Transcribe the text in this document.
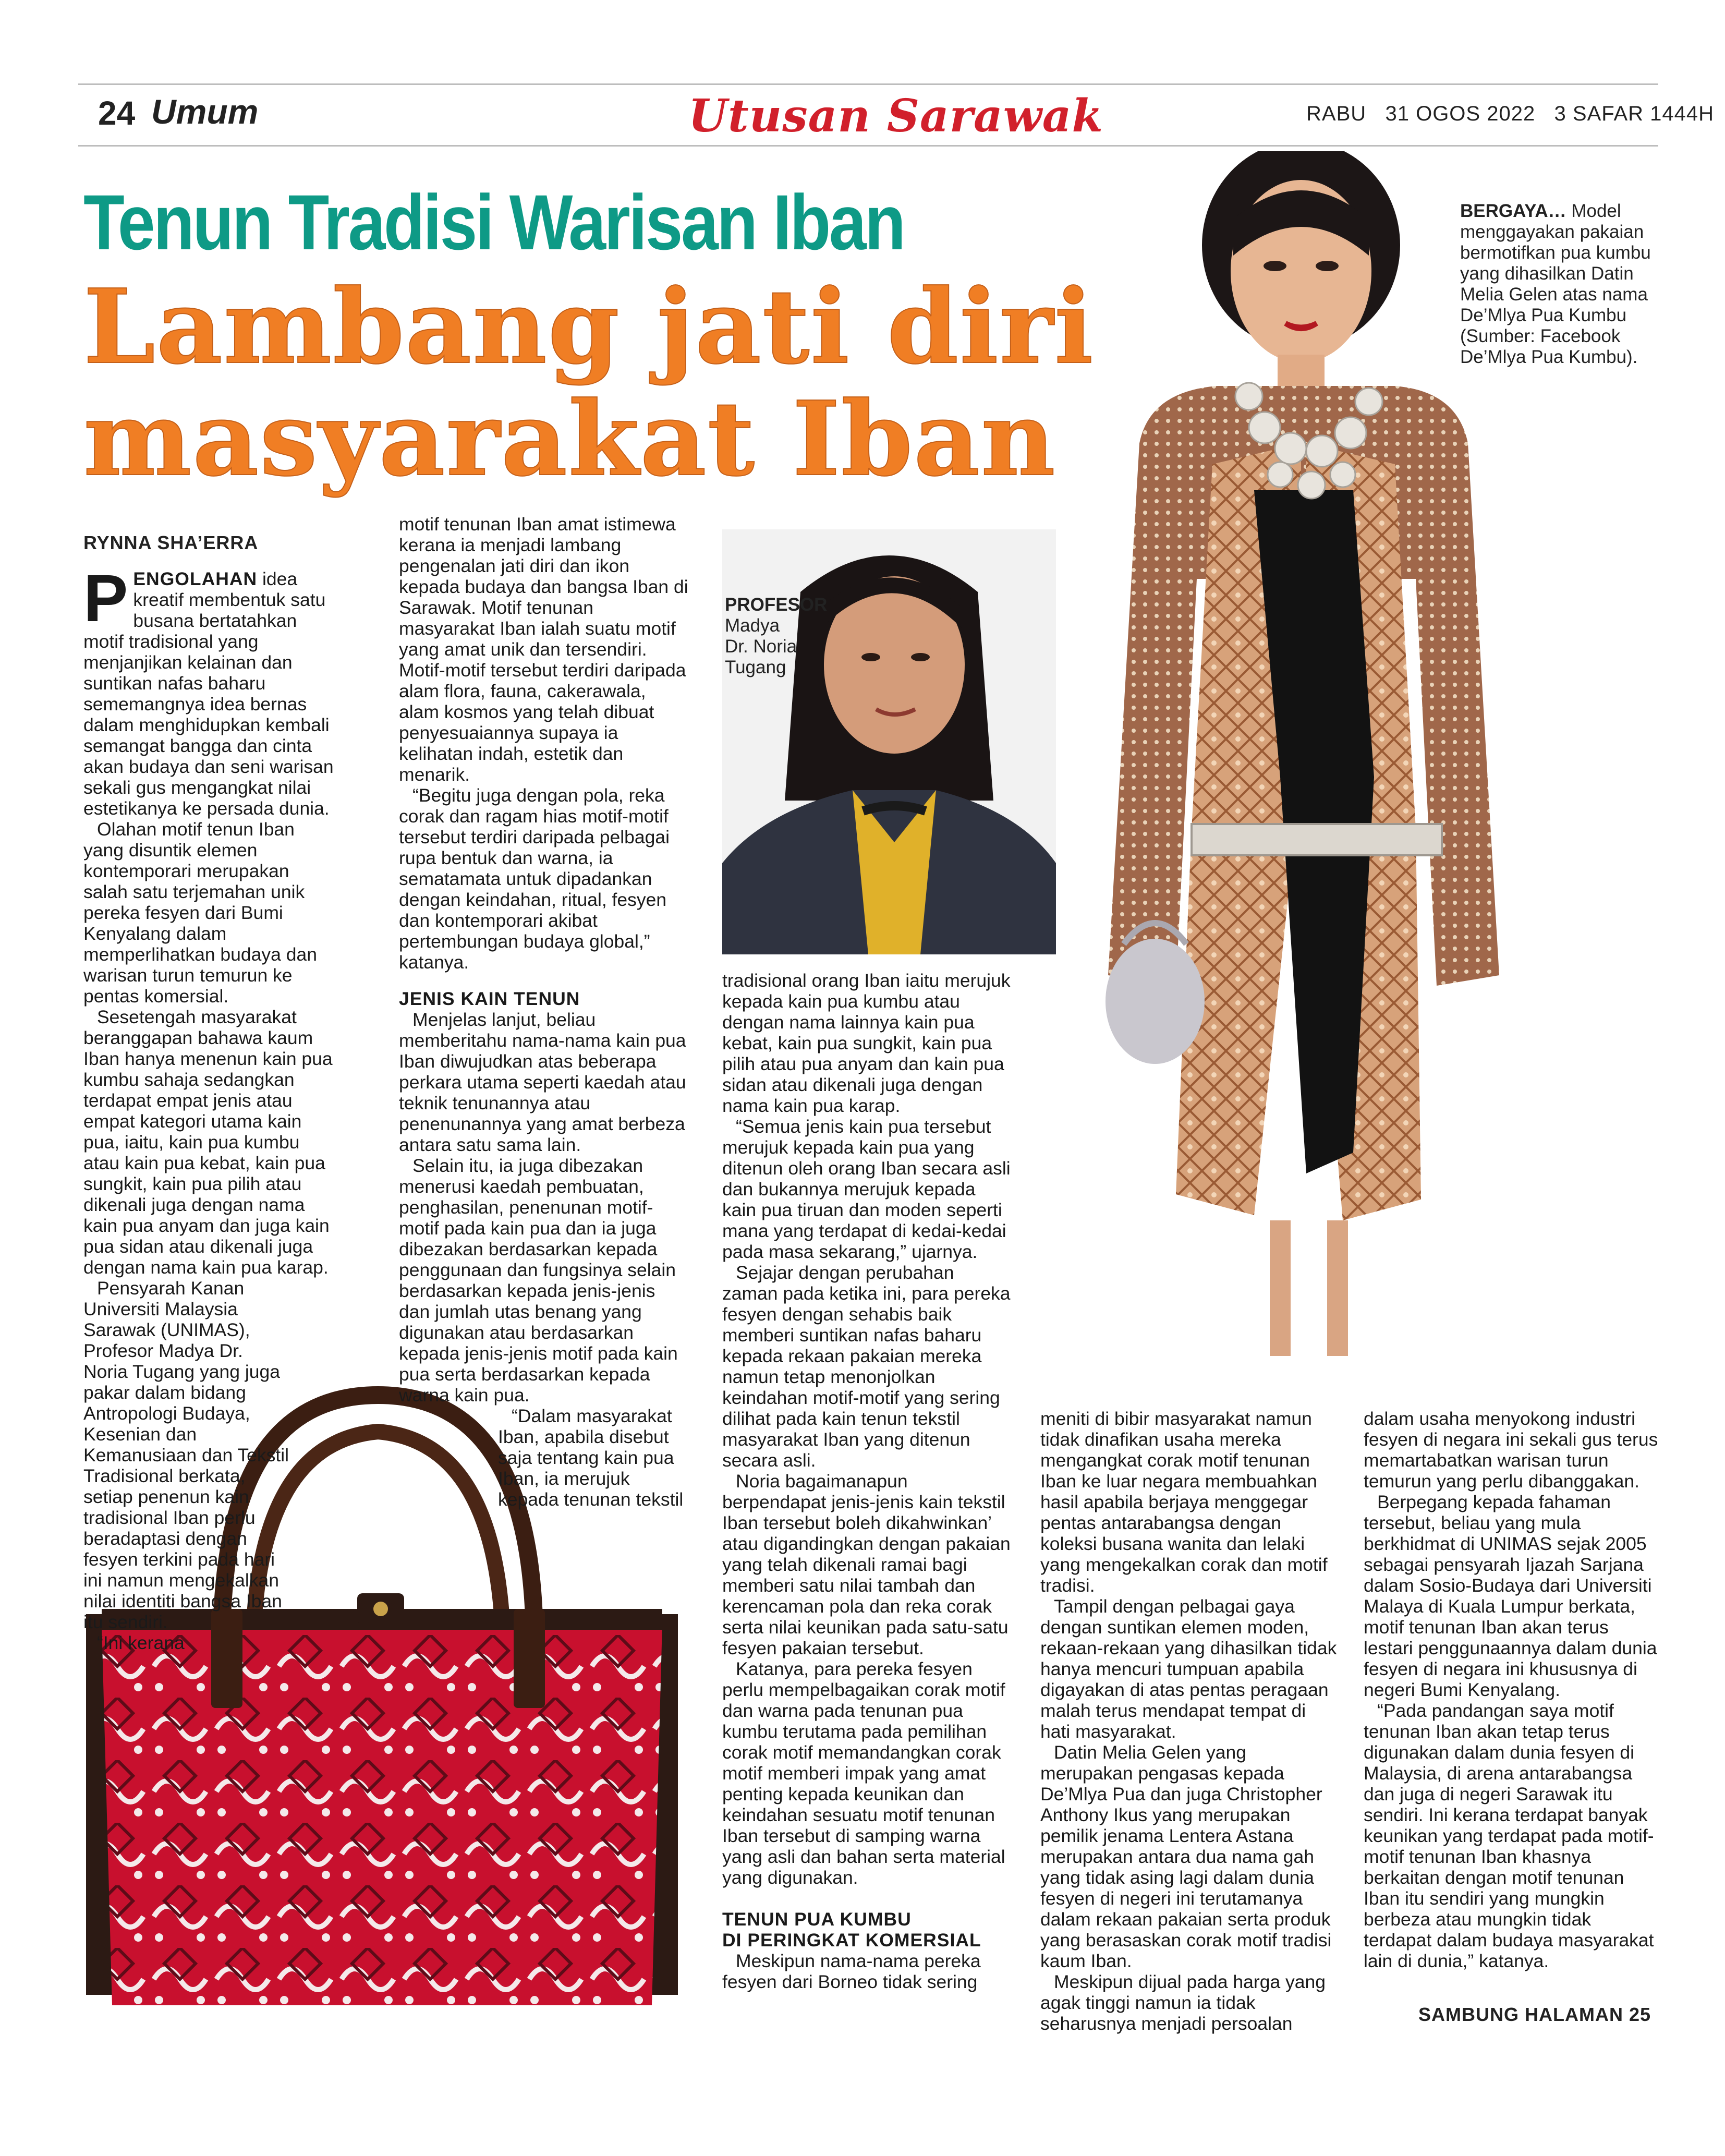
24 Umum	Utusan Sarawak	RABU   31 OGOS 2022   3 SAFAR 1444H
Tenun Tradisi Warisan Iban
Lambang jati diri
masyarakat Iban
BERGAYA… Model menggayakan pakaian bermotifkan pua kumbu yang dihasilkan Datin Melia Gelen atas nama De’Mlya Pua Kumbu (Sumber: Facebook De’Mlya Pua Kumbu).
PROFESOR
Madya
Dr. Noria
Tugang
RYNNA SHA’ERRA

PENGOLAHAN idea kreatif membentuk satu busana bertatahkan motif tradisional yang menjanjikan kelainan dan suntikan nafas baharu sememangnya idea bernas dalam menghidupkan kembali semangat bangga dan cinta akan budaya dan seni warisan sekali gus mengangkat nilai estetikanya ke persada dunia.

Olahan motif tenun Iban yang disuntik elemen kontemporari merupakan salah satu terjemahan unik pereka fesyen dari Bumi Kenyalang dalam memperlihatkan budaya dan warisan turun temurun ke pentas komersial.

Sesetengah masyarakat beranggapan bahawa kaum Iban hanya menenun kain pua kumbu sahaja sedangkan terdapat empat jenis atau empat kategori utama kain pua, iaitu, kain pua kumbu atau kain pua kebat, kain pua sungkit, kain pua pilih atau dikenali juga dengan nama kain pua anyam dan juga kain pua sidan atau dikenali juga dengan nama kain pua karap.

Pensyarah Kanan Universiti Malaysia Sarawak (UNIMAS), Profesor Madya Dr. Noria Tugang yang juga pakar dalam bidang Antropologi Budaya, Kesenian dan Kemanusiaan dan Tekstil Tradisional berkata, setiap penenun kain tradisional Iban perlu beradaptasi dengan fesyen terkini pada hari ini namun mengekalkan nilai identiti bangsa Iban itu sendiri.

“Ini kerana

motif tenunan Iban amat istimewa kerana ia menjadi lambang pengenalan jati diri dan ikon kepada budaya dan bangsa Iban di Sarawak. Motif tenunan masyarakat Iban ialah suatu motif yang amat unik dan tersendiri. Motif-motif tersebut terdiri daripada alam flora, fauna, cakerawala, alam kosmos yang telah dibuat penyesuaiannya supaya ia kelihatan indah, estetik dan menarik.

“Begitu juga dengan pola, reka corak dan ragam hias motif-motif tersebut terdiri daripada pelbagai rupa bentuk dan warna, ia sematamata untuk dipadankan dengan keindahan, ritual, fesyen dan kontemporari akibat pertembungan budaya global,” katanya.

JENIS KAIN TENUN

Menjelas lanjut, beliau memberitahu nama-nama kain pua Iban diwujudkan atas beberapa perkara utama seperti kaedah atau teknik tenunannya atau penenunannya yang amat berbeza antara satu sama lain.

Selain itu, ia juga dibezakan menerusi kaedah pembuatan, penghasilan, penenunan motif-motif pada kain pua dan ia juga dibezakan berdasarkan kepada penggunaan dan fungsinya selain berdasarkan kepada jenis-jenis dan jumlah utas benang yang digunakan atau berdasarkan kepada jenis-jenis motif pada kain pua serta berdasarkan kepada warna kain pua.

“Dalam masyarakat Iban, apabila disebut saja tentang kain pua Iban, ia merujuk kepada tenunan tekstil

tradisional orang Iban iaitu merujuk kepada kain pua kumbu atau dengan nama lainnya kain pua kebat, kain pua sungkit, kain pua pilih atau pua anyam dan kain pua sidan atau dikenali juga dengan nama kain pua karap.

“Semua jenis kain pua tersebut merujuk kepada kain pua yang ditenun oleh orang Iban secara asli dan bukannya merujuk kepada kain pua tiruan dan moden seperti mana yang terdapat di kedai-kedai pada masa sekarang,” ujarnya.

Sejajar dengan perubahan zaman pada ketika ini, para pereka fesyen dengan sehabis baik memberi suntikan nafas baharu kepada rekaan pakaian mereka namun tetap menonjolkan keindahan motif-motif yang sering dilihat pada kain tenun tekstil masyarakat Iban yang ditenun secara asli.

Noria bagaimanapun berpendapat jenis-jenis kain tekstil Iban tersebut boleh dikahwinkan’ atau digandingkan dengan pakaian yang telah dikenali ramai bagi memberi satu nilai tambah dan kerencaman pola dan reka corak serta nilai keunikan pada satu-satu fesyen pakaian tersebut.

Katanya, para pereka fesyen perlu mempelbagaikan corak motif dan warna pada tenunan pua kumbu terutama pada pemilihan corak motif memandangkan corak motif memberi impak yang amat penting kepada keunikan dan keindahan sesuatu motif tenunan Iban tersebut di samping warna yang asli dan bahan serta material yang digunakan.

TENUN PUA KUMBU
DI PERINGKAT KOMERSIAL

Meskipun nama-nama pereka fesyen dari Borneo tidak sering

meniti di bibir masyarakat namun tidak dinafikan usaha mereka mengangkat corak motif tenunan Iban ke luar negara membuahkan hasil apabila berjaya menggegar pentas antarabangsa dengan koleksi busana wanita dan lelaki yang mengekalkan corak dan motif tradisi.

Tampil dengan pelbagai gaya dengan suntikan elemen moden, rekaan-rekaan yang dihasilkan tidak hanya mencuri tumpuan apabila digayakan di atas pentas peragaan malah terus mendapat tempat di hati masyarakat.

Datin Melia Gelen yang merupakan pengasas kepada De’Mlya Pua dan juga Christopher Anthony Ikus yang merupakan pemilik jenama Lentera Astana merupakan antara dua nama gah yang tidak asing lagi dalam dunia fesyen di negeri ini terutamanya dalam rekaan pakaian serta produk yang berasaskan corak motif tradisi kaum Iban.

Meskipun dijual pada harga yang agak tinggi namun ia tidak seharusnya menjadi persoalan

dalam usaha menyokong industri fesyen di negara ini sekali gus terus memartabatkan warisan turun temurun yang perlu dibanggakan.

Berpegang kepada fahaman tersebut, beliau yang mula berkhidmat di UNIMAS sejak 2005 sebagai pensyarah Ijazah Sarjana dalam Sosio-Budaya dari Universiti Malaya di Kuala Lumpur berkata, motif tenunan Iban akan terus lestari penggunaannya dalam dunia fesyen di negara ini khususnya di negeri Bumi Kenyalang.

“Pada pandangan saya motif tenunan Iban akan tetap terus digunakan dalam dunia fesyen di Malaysia, di arena antarabangsa dan juga di negeri Sarawak itu sendiri. Ini kerana terdapat banyak keunikan yang terdapat pada motif-motif tenunan Iban khasnya berkaitan dengan motif tenunan Iban itu sendiri yang mungkin berbeza atau mungkin tidak terdapat dalam budaya masyarakat lain di dunia,” katanya.

SAMBUNG HALAMAN 25
